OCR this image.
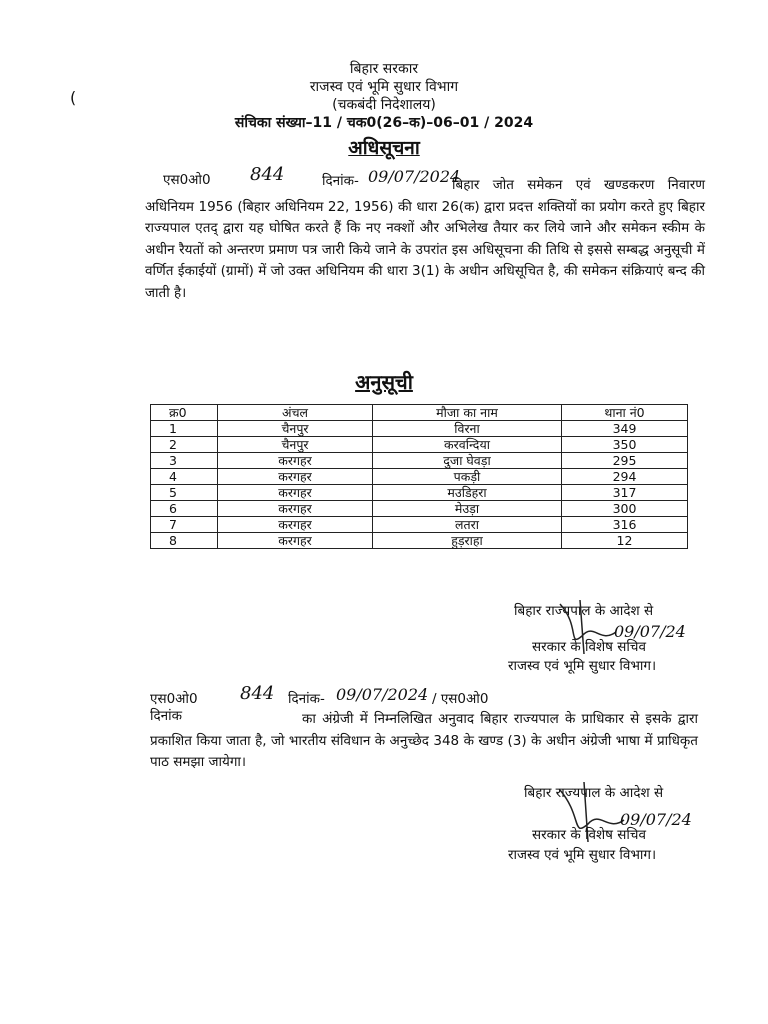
(
बिहार सरकार
राजस्व एवं भूमि सुधार विभाग
(चकबंदी निदेशालय)
संचिका संख्या–11 / चक0(26–क)–06–01 / 2024
अधिसूचना
एस0ओ0 844	दिनांक- 09/07/2024
बिहार जोत समेकन एवं खण्डकरण निवारण अधिनियम 1956 (बिहार अधिनियम 22, 1956) की धारा 26(क) द्वारा प्रदत्त शक्तियों का प्रयोग करते हुए बिहार राज्यपाल एतद् द्वारा यह घोषित करते हैं कि नए नक्शों और अभिलेख तैयार कर लिये जाने और समेकन स्कीम के अधीन रैयतों को अन्तरण प्रमाण पत्र जारी किये जाने के उपरांत इस अधिसूचना की तिथि से इससे सम्बद्ध अनुसूची में वर्णित ईकाईयों (ग्रामों) में जो उक्त अधिनियम की धारा 3(1) के अधीन अधिसूचित है, की समेकन संक्रियाएं बन्द की जाती है।
अनुसूची
क्र0	अंचल	मौजा का नाम	थाना नं0
1	चैनपुर	विरना	349
2	चैनपुर	करवन्दिया	350
3	करगहर	दुजा घेवड़ा	295
4	करगहर	पकड़ी	294
5	करगहर	मउडिहरा	317
6	करगहर	मेउड़ा	300
7	करगहर	लतरा	316
8	करगहर	हुड़राहा	12
बिहार राज्यपाल के आदेश से
09/07/24
सरकार के विशेष सचिव
राजस्व एवं भूमि सुधार विभाग।
एस0ओ0 844 दिनांक- 09/07/2024 / एस0ओ0
दिनांक	का अंग्रेजी में निम्नलिखित अनुवाद बिहार राज्यपाल के प्राधिकार से इसके द्वारा प्रकाशित किया जाता है, जो भारतीय संविधान के अनुच्छेद 348 के खण्ड (3) के अधीन अंग्रेजी भाषा में प्राधिकृत पाठ समझा जायेगा।
बिहार राज्यपाल के आदेश से
09/07/24
सरकार के विशेष सचिव
राजस्व एवं भूमि सुधार विभाग।
